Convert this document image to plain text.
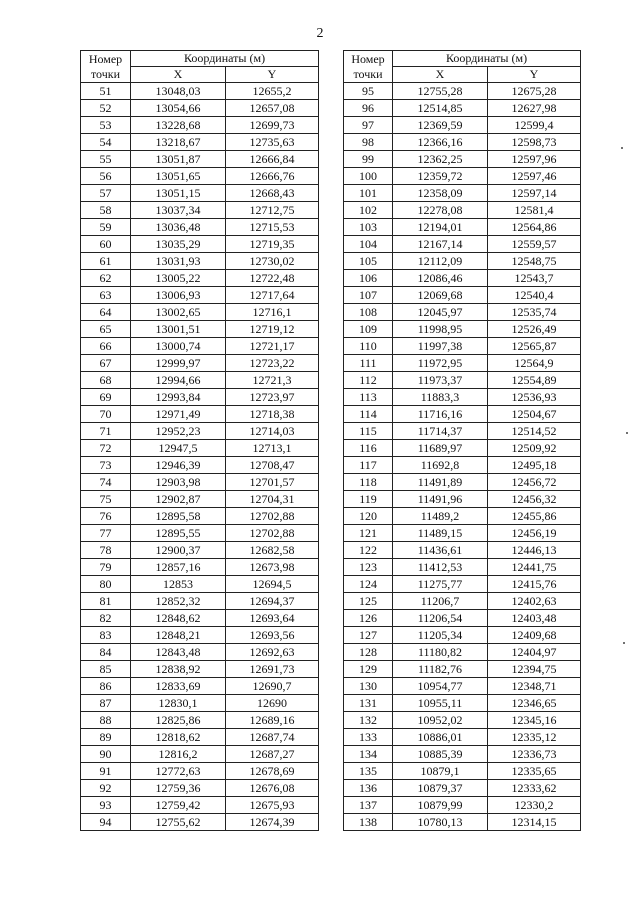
2
Номер
точки	Координаты (м)	
	X	Y
51	13048,03	12655,2
52	13054,66	12657,08
53	13228,68	12699,73
54	13218,67	12735,63
55	13051,87	12666,84
56	13051,65	12666,76
57	13051,15	12668,43
58	13037,34	12712,75
59	13036,48	12715,53
60	13035,29	12719,35
61	13031,93	12730,02
62	13005,22	12722,48
63	13006,93	12717,64
64	13002,65	12716,1
65	13001,51	12719,12
66	13000,74	12721,17
67	12999,97	12723,22
68	12994,66	12721,3
69	12993,84	12723,97
70	12971,49	12718,38
71	12952,23	12714,03
72	12947,5	12713,1
73	12946,39	12708,47
74	12903,98	12701,57
75	12902,87	12704,31
76	12895,58	12702,88
77	12895,55	12702,88
78	12900,37	12682,58
79	12857,16	12673,98
80	12853	12694,5
81	12852,32	12694,37
82	12848,62	12693,64
83	12848,21	12693,56
84	12843,48	12692,63
85	12838,92	12691,73
86	12833,69	12690,7
87	12830,1	12690
88	12825,86	12689,16
89	12818,62	12687,74
90	12816,2	12687,27
91	12772,63	12678,69
92	12759,36	12676,08
93	12759,42	12675,93
94	12755,62	12674,39
Номер
точки	Координаты (м)	
	X	Y
95	12755,28	12675,28
96	12514,85	12627,98
97	12369,59	12599,4
98	12366,16	12598,73
99	12362,25	12597,96
100	12359,72	12597,46
101	12358,09	12597,14
102	12278,08	12581,4
103	12194,01	12564,86
104	12167,14	12559,57
105	12112,09	12548,75
106	12086,46	12543,7
107	12069,68	12540,4
108	12045,97	12535,74
109	11998,95	12526,49
110	11997,38	12565,87
111	11972,95	12564,9
112	11973,37	12554,89
113	11883,3	12536,93
114	11716,16	12504,67
115	11714,37	12514,52
116	11689,97	12509,92
117	11692,8	12495,18
118	11491,89	12456,72
119	11491,96	12456,32
120	11489,2	12455,86
121	11489,15	12456,19
122	11436,61	12446,13
123	11412,53	12441,75
124	11275,77	12415,76
125	11206,7	12402,63
126	11206,54	12403,48
127	11205,34	12409,68
128	11180,82	12404,97
129	11182,76	12394,75
130	10954,77	12348,71
131	10955,11	12346,65
132	10952,02	12345,16
133	10886,01	12335,12
134	10885,39	12336,73
135	10879,1	12335,65
136	10879,37	12333,62
137	10879,99	12330,2
138	10780,13	12314,15
